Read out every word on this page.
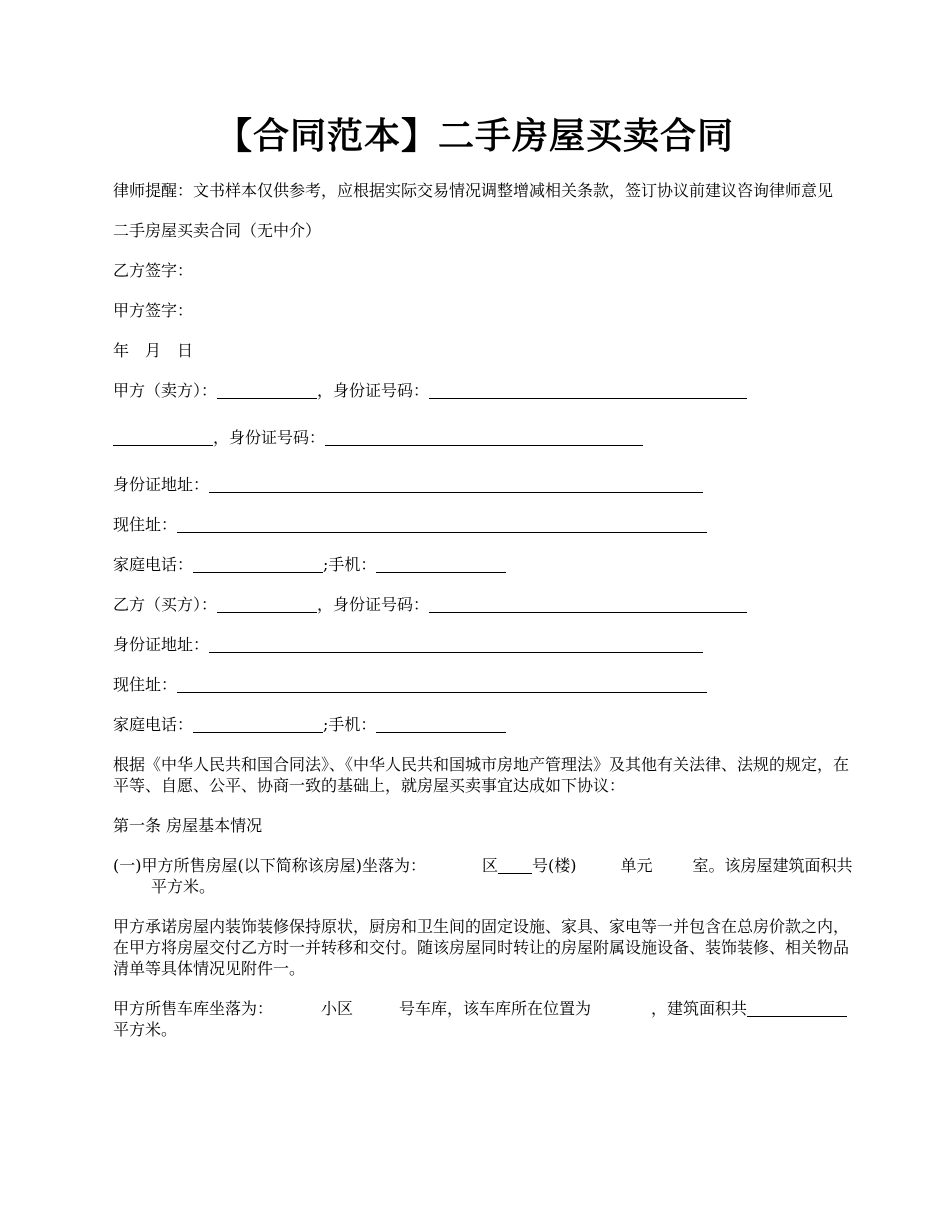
【合同范本】二手房屋买卖合同

律师提醒：文书样本仅供参考，应根据实际交易情况调整增减相关条款，签订协议前建议咨询律师意见

二手房屋买卖合同（无中介）

乙方签字：

甲方签字：

年　月　日

甲方（卖方）：	，身份证号码：

，身份证号码：

身份证地址：

现住址：

家庭电话：	;手机：

乙方（买方）：	，身份证号码：

身份证地址：

现住址：

家庭电话：	;手机：

根据《中华人民共和国合同法》、《中华人民共和国城市房地产管理法》及其他有关法律、法规的规定，在平等、自愿、公平、协商一致的基础上，就房屋买卖事宜达成如下协议：

第一条 房屋基本情况

(一)甲方所售房屋(以下简称该房屋)坐落为：	区 号(楼)	单元	室。该房屋建筑面积共平方米。

甲方承诺房屋内装饰装修保持原状，厨房和卫生间的固定设施、家具、家电等一并包含在总房价款之内，在甲方将房屋交付乙方时一并转移和交付。随该房屋同时转让的房屋附属设施设备、装饰装修、相关物品清单等具体情况见附件一。

甲方所售车库坐落为：	小区	号车库，该车库所在位置为	，建筑面积共平方米。
